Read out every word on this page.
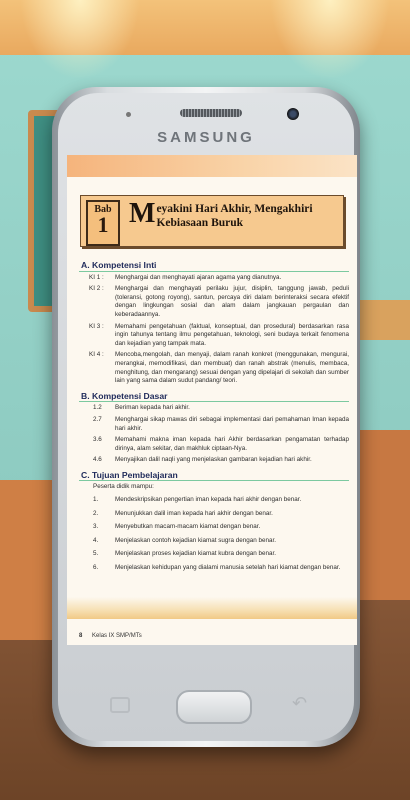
SAMSUNG
Bab
1 M eyakini Hari Akhir, Mengakhiri
Kebiasaan Buruk
A. Kompetensi Inti
KI 1 :	Menghargai dan menghayati ajaran agama yang dianutnya.
KI 2 :	Menghargai dan menghayati perilaku jujur, disiplin, tanggung jawab, peduli (toleransi, gotong royong), santun, percaya diri dalam berinteraksi secara efektif dengan lingkungan sosial dan alam dalam jangkauan pergaulan dan keberadaannya.
KI 3 :	Memahami pengetahuan (faktual, konseptual, dan prosedural) berdasarkan rasa ingin tahunya tentang ilmu pengetahuan, teknologi, seni budaya terkait fenomena dan kejadian yang tampak mata.
KI 4 :	Mencoba,mengolah, dan menyaji, dalam ranah konkret (menggunakan, mengurai, merangkai, memodifikasi, dan membuat) dan ranah abstrak (menulis, membaca, menghitung, dan mengarang) sesuai dengan yang dipelajari di sekolah dan sumber lain yang sama dalam sudut pandang/ teori.
B. Kompetensi Dasar
1.2	Beriman kepada hari akhir.
2.7	Menghargai sikap mawas diri sebagai implementasi dari pemahaman Iman kepada hari akhir.
3.6	Memahami makna iman kepada hari Akhir berdasarkan pengamatan terhadap dirinya, alam sekitar, dan makhluk ciptaan-Nya.
4.6	Menyajikan dalil naqli yang menjelaskan gambaran kejadian hari akhir.
C. Tujuan Pembelajaran
Peserta didik mampu:
1.	Mendeskripsikan pengertian iman kepada hari akhir dengan benar.
2.	Menunjukkan dalil iman kepada hari akhir dengan benar.
3.	Menyebutkan macam-macam kiamat dengan benar.
4.	Menjelaskan contoh kejadian kiamat sugra dengan benar.
5.	Menjelaskan proses kejadian kiamat kubra dengan benar.
6.	Menjelaskan kehidupan yang dialami manusia setelah hari kiamat dengan benar.
8 Kelas IX SMP/MTs
↶
